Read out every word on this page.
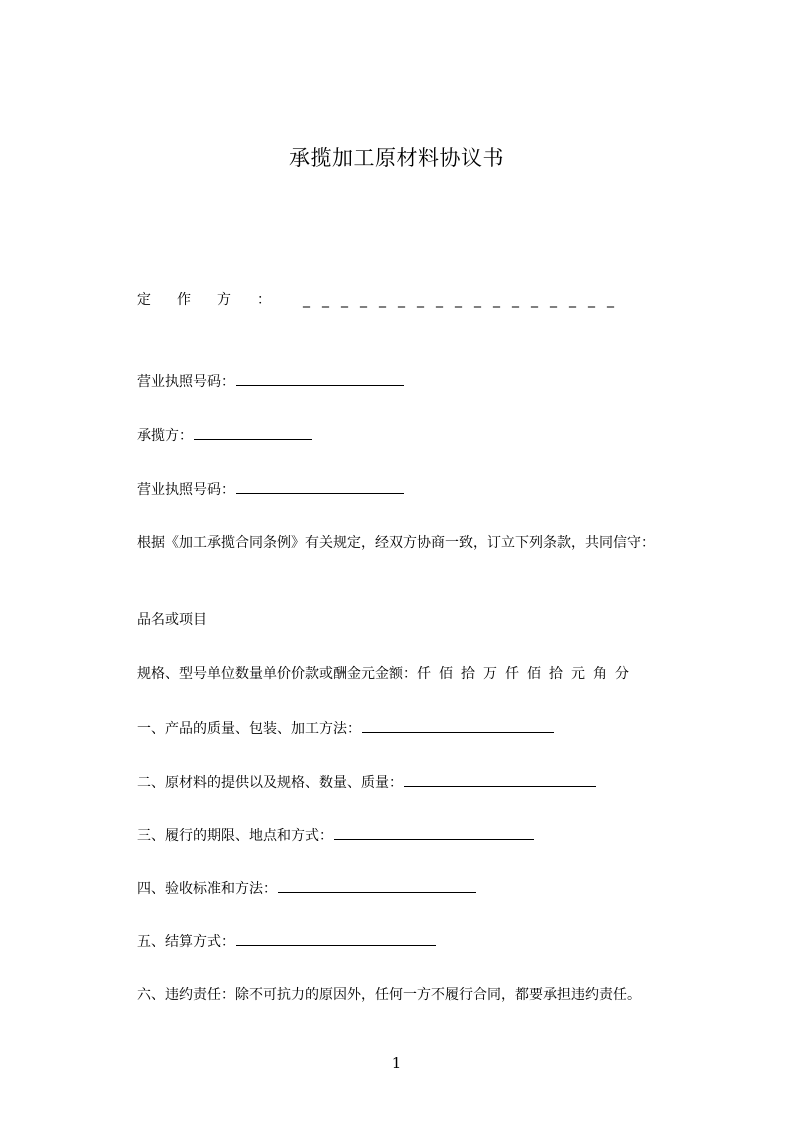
承揽加工原材料协议书
定作方： _________________
营业执照号码：
承揽方：
营业执照号码：
根据《加工承揽合同条例》有关规定，经双方协商一致，订立下列条款，共同信守：
品名或项目
规格、型号单位数量单价价款或酬金元金额：仟佰拾万仟佰拾元角分
一、产品的质量、包装、加工方法：
二、原材料的提供以及规格、数量、质量：
三、履行的期限、地点和方式：
四、验收标准和方法：
五、结算方式：
六、违约责任：除不可抗力的原因外，任何一方不履行合同，都要承担违约责任。
1
